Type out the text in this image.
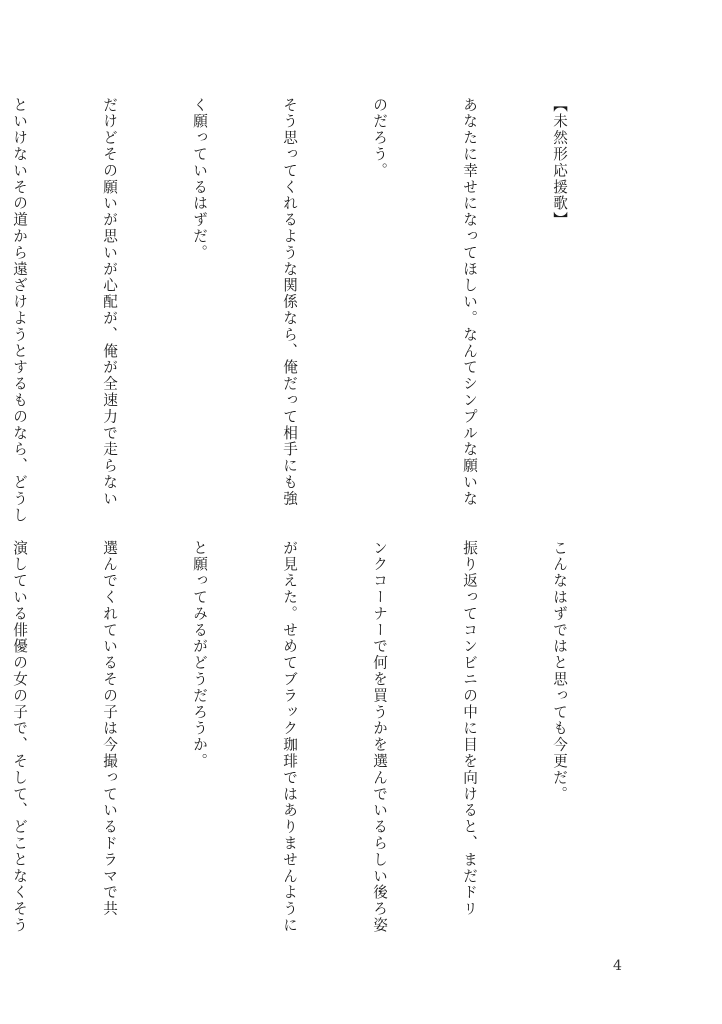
【未然形応援歌】

あなたに幸せになってほしい。なんてシンプルな願いな

のだろう。

そう思ってくれるような関係なら、俺だって相手にも強

く願っているはずだ。

だけどその願いが思いが心配が、俺が全速力で走らない

といけないその道から遠ざけようとするものなら、どうし

こんなはずではと思っても今更だ。

振り返ってコンビニの中に目を向けると、まだドリ

ンクコーナーで何を買うかを選んでいるらしい後ろ姿

が見えた。せめてブラック珈琲ではありませんように

と願ってみるがどうだろうか。

選んでくれているその子は今撮っているドラマで共

演している俳優の女の子で、そして、どことなくそう

4
